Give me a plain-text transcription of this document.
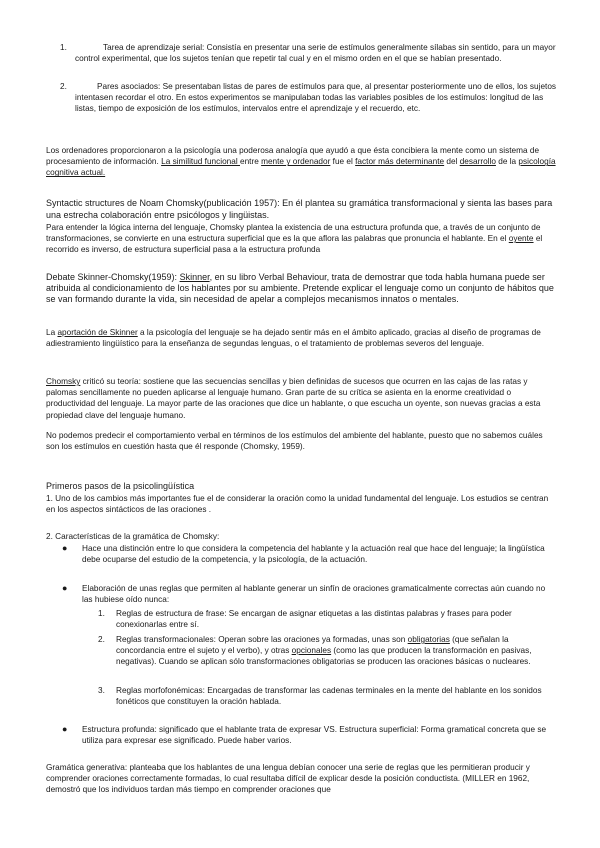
1.	Tarea de aprendizaje serial: Consistía en presentar una serie de estímulos generalmente sílabas sin sentido, para un mayor control experimental, que los sujetos tenían que repetir tal cual y en el mismo orden en el que se habían presentado.

2.	Pares asociados: Se presentaban listas de pares de estímulos para que, al presentar posteriormente uno de ellos, los sujetos intentasen recordar el otro. En estos experimentos se manipulaban todas las variables posibles de los estímulos: longitud de las listas, tiempo de exposición de los estímulos, intervalos entre el aprendizaje y el recuerdo, etc.

Los ordenadores proporcionaron a la psicología una poderosa analogía que ayudó a que ésta concibiera la mente como un sistema de procesamiento de información. La similitud funcional entre mente y ordenador fue el factor más determinante del desarrollo de la psicología cognitiva actual.

Syntactic structures de Noam Chomsky(publicación 1957): En él plantea su gramática transformacional y sienta las bases para una estrecha colaboración entre psicólogos y lingüistas.

Para entender la lógica interna del lenguaje, Chomsky plantea la existencia de una estructura profunda que, a través de un conjunto de transformaciones, se convierte en una estructura superficial que es la que aflora las palabras que pronuncia el hablante. En el oyente el recorrido es inverso, de estructura superficial pasa a la estructura profunda

Debate Skinner-Chomsky(1959): Skinner, en su libro Verbal Behaviour, trata de demostrar que toda habla humana puede ser atribuida al condicionamiento de los hablantes por su ambiente. Pretende explicar el lenguaje como un conjunto de hábitos que se van formando durante la vida, sin necesidad de apelar a complejos mecanismos innatos o mentales.

La aportación de Skinner a la psicología del lenguaje se ha dejado sentir más en el ámbito aplicado, gracias al diseño de programas de adiestramiento lingüístico para la enseñanza de segundas lenguas, o el tratamiento de problemas severos del lenguaje.

Chomsky criticó su teoría: sostiene que las secuencias sencillas y bien definidas de sucesos que ocurren en las cajas de las ratas y palomas sencillamente no pueden aplicarse al lenguaje humano. Gran parte de su crítica se asienta en la enorme creatividad o productividad del lenguaje. La mayor parte de las oraciones que dice un hablante, o que escucha un oyente, son nuevas gracias a esta propiedad clave del lenguaje humano.

No podemos predecir el comportamiento verbal en términos de los estímulos del ambiente del hablante, puesto que no sabemos cuáles son los estímulos en cuestión hasta que él responde (Chomsky, 1959).

Primeros pasos de la psicolingüística

1. Uno de los cambios más importantes fue el de considerar la oración como la unidad fundamental del lenguaje. Los estudios se centran en los aspectos sintácticos de las oraciones .

2. Características de la gramática de Chomsky:

● Hace una distinción entre lo que considera la competencia del hablante y la actuación real que hace del lenguaje; la lingüística debe ocuparse del estudio de la competencia, y la psicología, de la actuación.

● Elaboración de unas reglas que permiten al hablante generar un sinfín de oraciones gramaticalmente correctas aún cuando no las hubiese oído nunca:

1. Reglas de estructura de frase: Se encargan de asignar etiquetas a las distintas palabras y frases para poder conexionarlas entre sí.

2. Reglas transformacionales: Operan sobre las oraciones ya formadas, unas son obligatorias (que señalan la concordancia entre el sujeto y el verbo), y otras opcionales (como las que producen la transformación en pasivas, negativas). Cuando se aplican sólo transformaciones obligatorias se producen las oraciones básicas o nucleares.

3. Reglas morfofonémicas: Encargadas de transformar las cadenas terminales en la mente del hablante en los sonidos fonéticos que constituyen la oración hablada.

● Estructura profunda: significado que el hablante trata de expresar VS. Estructura superficial: Forma gramatical concreta que se utiliza para expresar ese significado. Puede haber varios.

Gramática generativa: planteaba que los hablantes de una lengua debían conocer una serie de reglas que les permitieran producir y comprender oraciones correctamente formadas, lo cual resultaba difícil de explicar desde la posición conductista. (MILLER en 1962, demostró que los individuos tardan más tiempo en comprender oraciones que
